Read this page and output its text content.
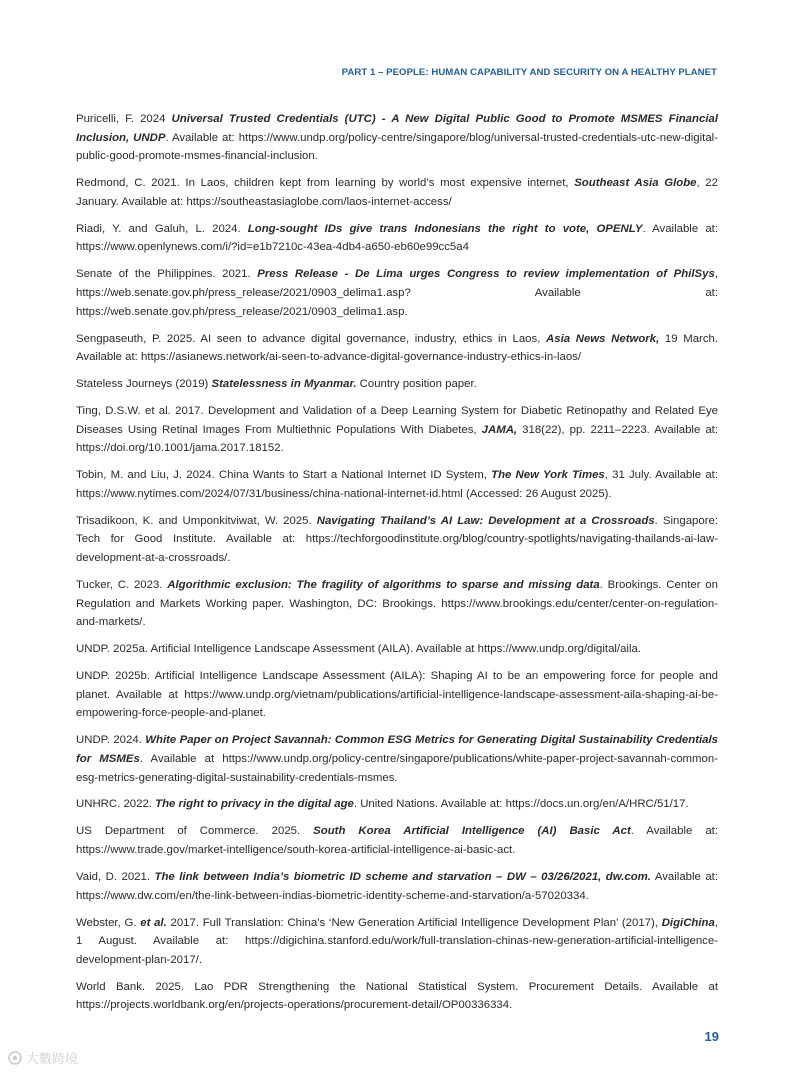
PART 1 – PEOPLE: HUMAN CAPABILITY AND SECURITY ON A HEALTHY PLANET

Puricelli, F. 2024 Universal Trusted Credentials (UTC) - A New Digital Public Good to Promote MSMES Financial Inclusion, UNDP. Available at: https://www.undp.org/policy-centre/singapore/blog/universal-trusted-credentials-utc-new-digital-public-good-promote-msmes-financial-inclusion.

Redmond, C. 2021. In Laos, children kept from learning by world’s most expensive internet, Southeast Asia Globe, 22 January. Available at: https://southeastasiaglobe.com/laos-internet-access/

Riadi, Y. and Galuh, L. 2024. Long-sought IDs give trans Indonesians the right to vote, OPENLY. Available at: https://www.openlynews.com/i/?id=e1b7210c-43ea-4db4-a650-eb60e99cc5a4

Senate of the Philippines. 2021. Press Release - De Lima urges Congress to review implementation of PhilSys, https://web.senate.gov.ph/press_release/2021/0903_delima1.asp? Available at: https://web.senate.gov.ph/press_release/2021/0903_delima1.asp.

Sengpaseuth, P. 2025. AI seen to advance digital governance, industry, ethics in Laos, Asia News Network, 19 March. Available at: https://asianews.network/ai-seen-to-advance-digital-governance-industry-ethics-in-laos/

Stateless Journeys (2019) Statelessness in Myanmar. Country position paper.

Ting, D.S.W. et al. 2017. Development and Validation of a Deep Learning System for Diabetic Retinopathy and Related Eye Diseases Using Retinal Images From Multiethnic Populations With Diabetes, JAMA, 318(22), pp. 2211–2223. Available at: https://doi.org/10.1001/jama.2017.18152.

Tobin, M. and Liu, J. 2024. China Wants to Start a National Internet ID System, The New York Times, 31 July. Available at: https://www.nytimes.com/2024/07/31/business/china-national-internet-id.html (Accessed: 26 August 2025).

Trisadikoon, K. and Umponkitviwat, W. 2025. Navigating Thailand’s AI Law: Development at a Crossroads. Singapore: Tech for Good Institute. Available at: https://techforgoodinstitute.org/blog/country-spotlights/navigating-thailands-ai-law-development-at-a-crossroads/.

Tucker, C. 2023. Algorithmic exclusion: The fragility of algorithms to sparse and missing data. Brookings. Center on Regulation and Markets Working paper. Washington, DC: Brookings. https://www.brookings.edu/center/center-on-regulation-and-markets/.

UNDP. 2025a. Artificial Intelligence Landscape Assessment (AILA). Available at https://www.undp.org/digital/aila.

UNDP. 2025b. Artificial Intelligence Landscape Assessment (AILA): Shaping AI to be an empowering force for people and planet. Available at https://www.undp.org/vietnam/publications/artificial-intelligence-landscape-assessment-aila-shaping-ai-be-empowering-force-people-and-planet.

UNDP. 2024. White Paper on Project Savannah: Common ESG Metrics for Generating Digital Sustainability Credentials for MSMEs. Available at https://www.undp.org/policy-centre/singapore/publications/white-paper-project-savannah-common-esg-metrics-generating-digital-sustainability-credentials-msmes.

UNHRC. 2022. The right to privacy in the digital age. United Nations. Available at: https://docs.un.org/en/A/HRC/51/17.

US Department of Commerce. 2025. South Korea Artificial Intelligence (AI) Basic Act. Available at: https://www.trade.gov/market-intelligence/south-korea-artificial-intelligence-ai-basic-act.

Vaid, D. 2021. The link between India’s biometric ID scheme and starvation – DW – 03/26/2021, dw.com. Available at: https://www.dw.com/en/the-link-between-indias-biometric-identity-scheme-and-starvation/a-57020334.

Webster, G. et al. 2017. Full Translation: China’s ‘New Generation Artificial Intelligence Development Plan’ (2017), DigiChina, 1 August. Available at: https://digichina.stanford.edu/work/full-translation-chinas-new-generation-artificial-intelligence-development-plan-2017/.

World Bank. 2025. Lao PDR Strengthening the National Statistical System. Procurement Details. Available at https://projects.worldbank.org/en/projects-operations/procurement-detail/OP00336334.

19
大數跨境
